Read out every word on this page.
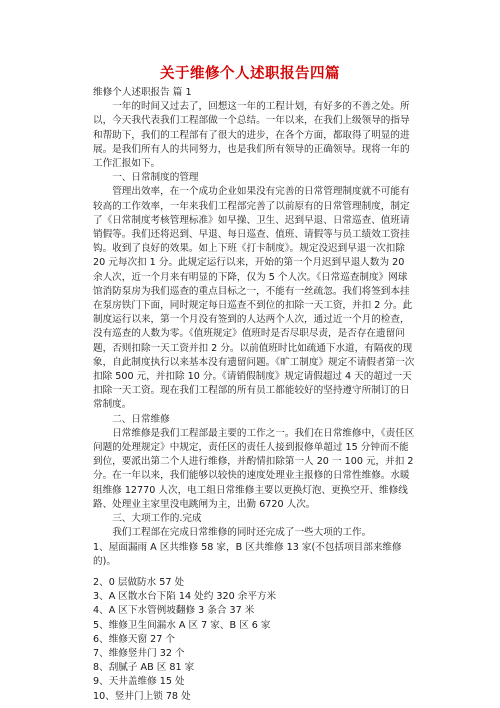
关于维修个人述职报告四篇

维修个人述职报告 篇 1

一年的时间又过去了，回想这一年的工程计划，有好多的不善之处。所以，今天我代表我们工程部做一个总结。一年以来，在我们上级领导的指导和帮助下，我们的工程部有了很大的进步，在各个方面，都取得了明显的进展。是我们所有人的共同努力，也是我们所有领导的正确领导。现将一年的工作汇报如下。

一、日常制度的管理

管理出效率，在一个成功企业如果没有完善的日常管理制度就不可能有较高的工作效率，一年来我们工程部完善了以前原有的日常管理制度，制定了《日常制度考核管理标准》如早操、卫生、迟到早退、日常巡查、值班请销假等。我们还将迟到、早退、每日巡查、值班、请假等与员工绩效工资挂钩。收到了良好的效果。如上下班《打卡制度》。规定没迟到早退一次扣除 20 元每次扣 1 分。此规定运行以来，开始的第一个月迟到早退人数为 20 余人次，近一个月来有明显的下降，仅为 5 个人次。《日常巡查制度》网球馆消防泵房为我们巡查的重点目标之一，不能有一丝疏忽。我们将签到本挂在泵房铁门下面，同时规定每日巡查不到位的扣除一天工资，并扣 2 分。此制度运行以来，第一个月没有签到的人达两个人次，通过近一个月的检查，没有巡查的人数为零。《值班规定》值班时是否尽职尽责，是否存在遗留问题，否则扣除一天工资并扣 2 分。以前值班时比如疏通下水道，有隔夜的现象，自此制度执行以来基本没有遗留问题。《旷工制度》规定不请假者第一次扣除 500 元，并扣除 10 分。《请销假制度》规定请假超过 4 天的超过一天扣除一天工资。现在我们工程部的所有员工都能较好的坚持遵守所制订的日常制度。

二、日常维修

日常维修是我们工程部最主要的工作之一。我们在日常维修中，《责任区问题的处理规定》中规定，责任区的责任人接到报修单超过 15 分钟而不能到位，要派出第二个人进行维修，并酌情扣除第一人 20 一 100 元，并扣 2 分。在一年以来，我们能够以较快的速度处理业主报修的日常性维修。水暖组维修 12770 人次，电工组日常维修主要以更换灯泡、更换空开、维修线路、处理业主家里没电跳闸为主，出勤 6720 人次。

三、大项工作的.完成

我们工程部在完成日常维修的同时还完成了一些大项的工作。

1、屋面漏雨 A 区共维修 58 家，B 区共维修 13 家(不包括项目部来维修的)。

2、0 层做防水 57 处

3、A 区散水台下陷 14 处约 320 余平方米

4、A 区下水管例坡翻修 3 条合 37 米

5、维修卫生间漏水 A 区 7 家、B 区 6 家

6、维修天窗 27 个

7、维修竖井门 32 个

8、刮腻子 AB 区 81 家

9、天井盖维修 15 处

10、竖井门上锁 78 处
